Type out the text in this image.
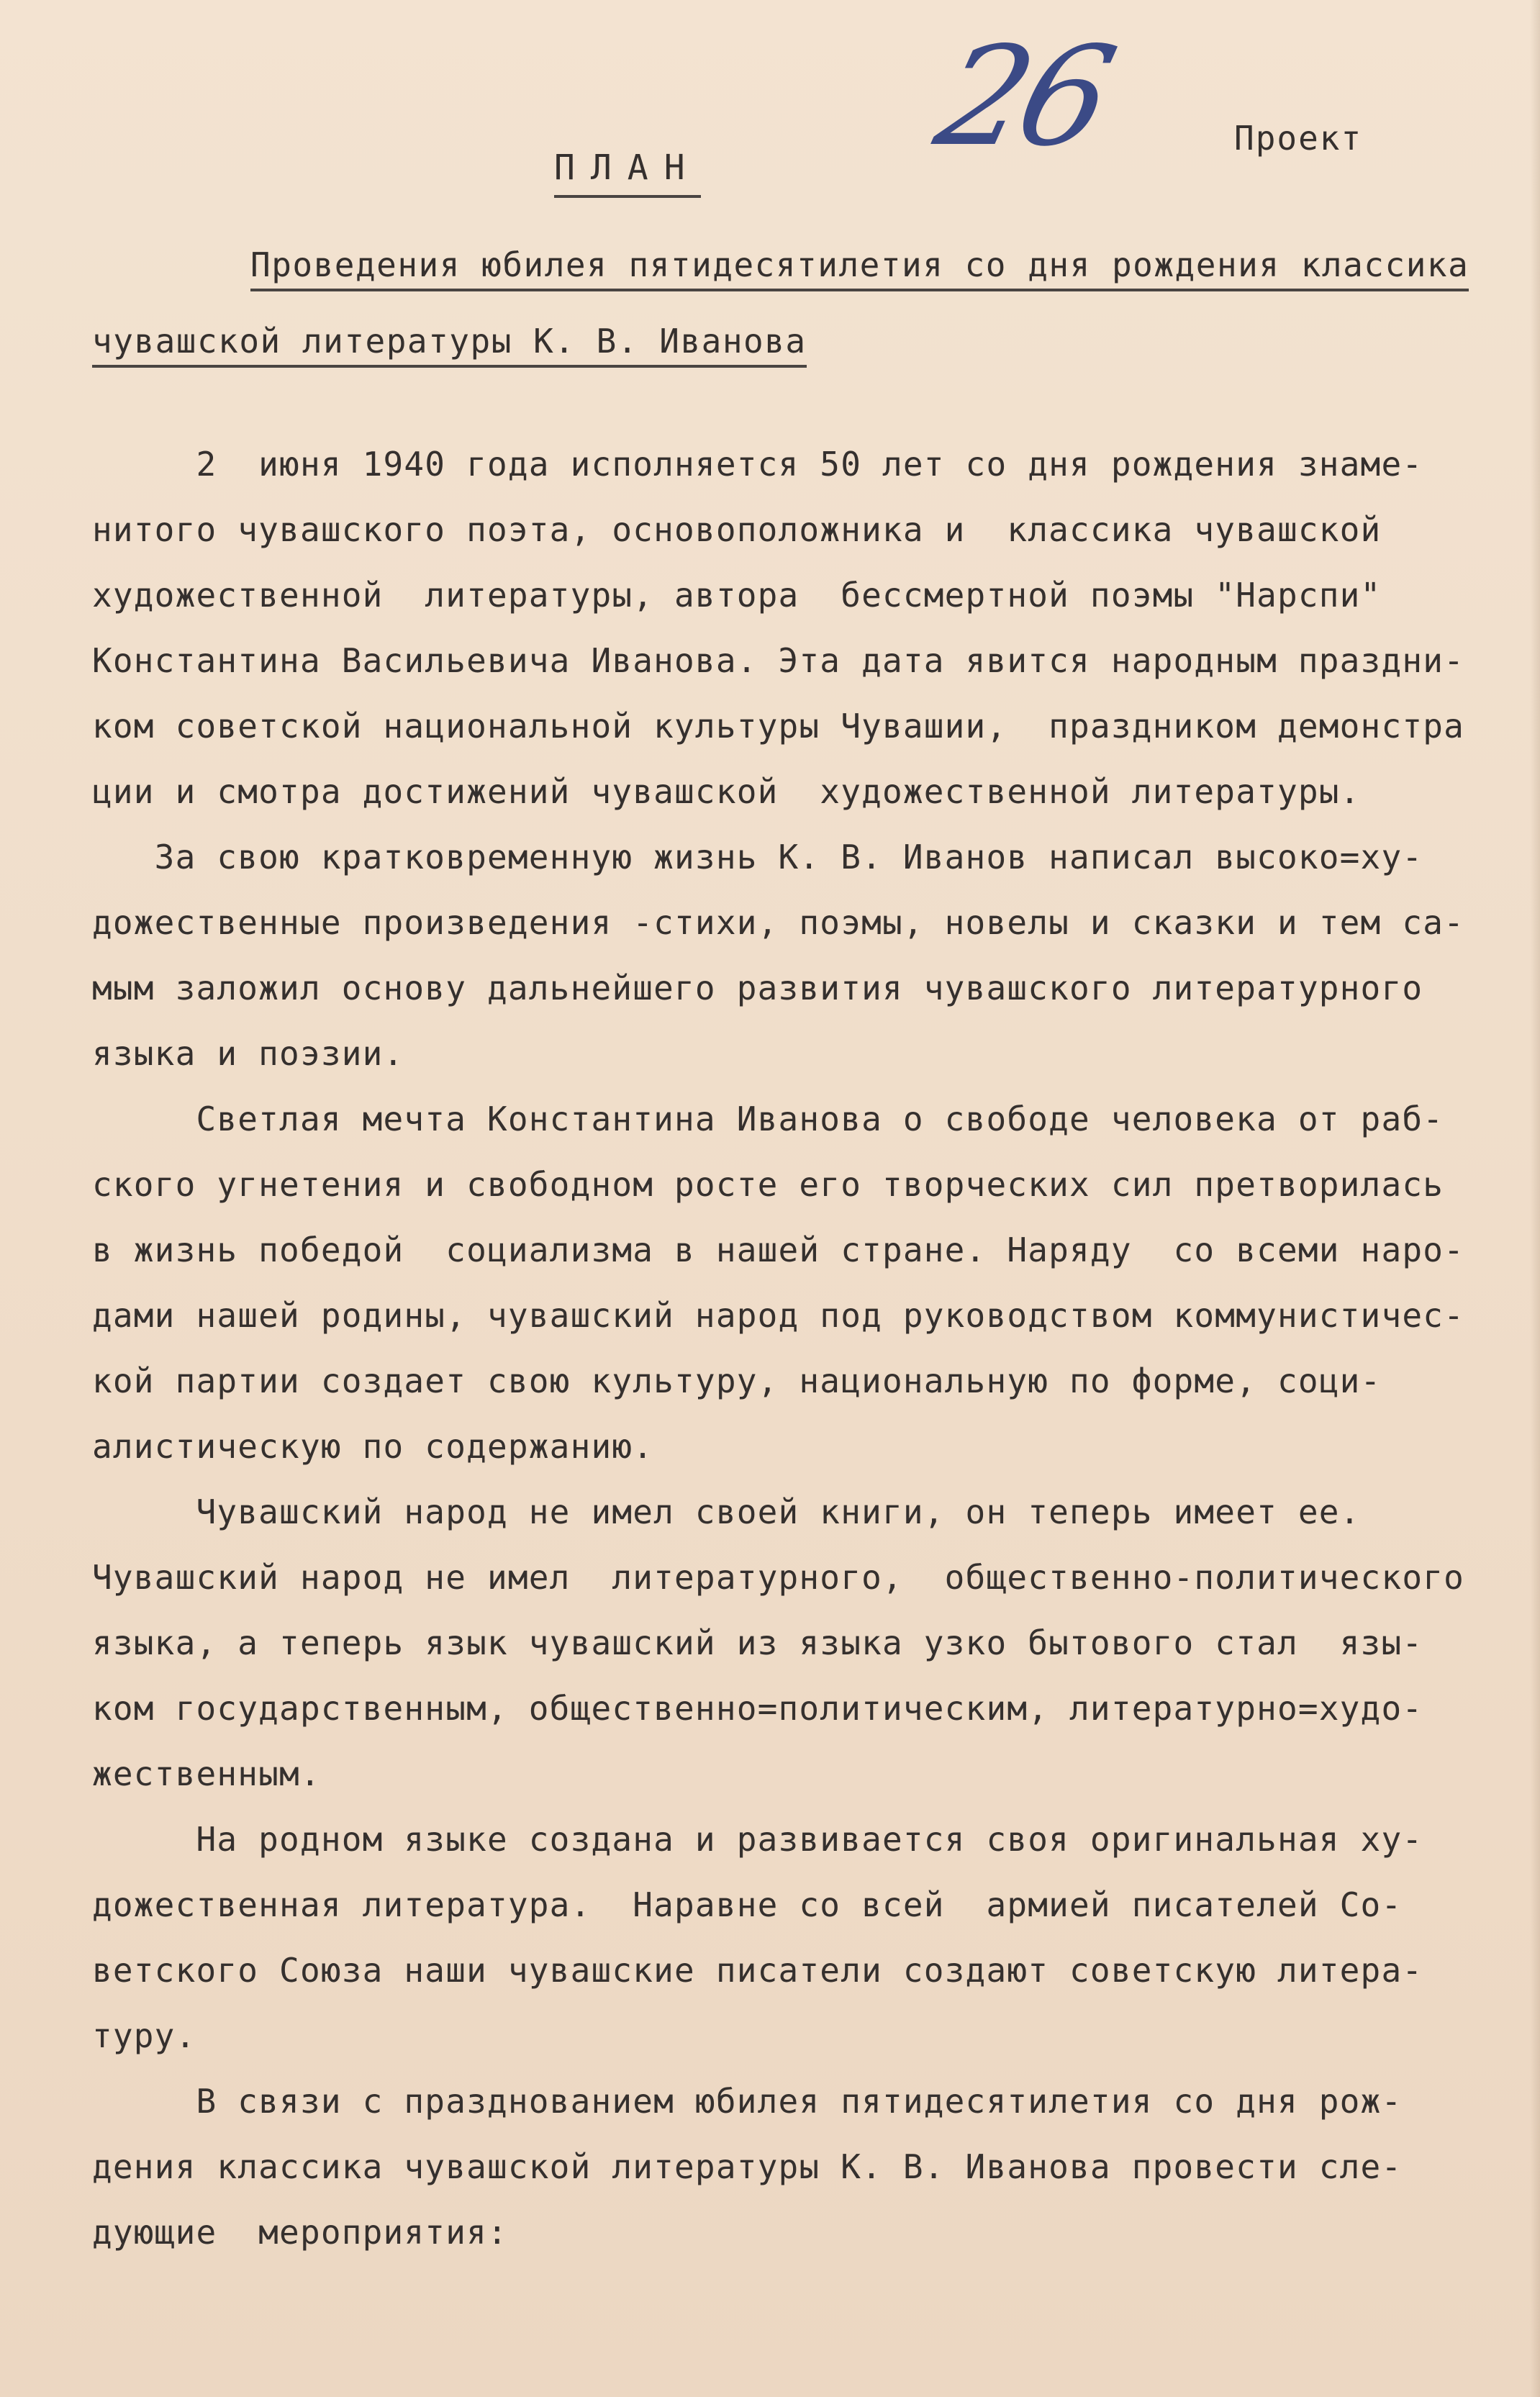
26	Проект
ПЛАН
Проведения юбилея пятидесятилетия со дня рождения классика
чувашской литературы К. В. Иванова
2  июня 1940 года исполняется 50 лет со дня рождения знаме-
нитого чувашского поэта, основоположника и  классика чувашской
художественной  литературы, автора  бессмертной поэмы "Нарспи"
Константина Васильевича Иванова. Эта дата явится народным праздни-
ком советской национальной культуры Чувашии,  праздником демонстра
ции и смотра достижений чувашской  художественной литературы.
За свою кратковременную жизнь К. В. Иванов написал высоко=ху-
дожественные произведения -стихи, поэмы, новелы и сказки и тем са-
мым заложил основу дальнейшего развития чувашского литературного
языка и поэзии.
Светлая мечта Константина Иванова о свободе человека от раб-
ского угнетения и свободном росте его творческих сил претворилась
в жизнь победой  социализма в нашей стране. Наряду  со всеми наро-
дами нашей родины, чувашский народ под руководством коммунистичес-
кой партии создает свою культуру, национальную по форме, соци-
алистическую по содержанию.
Чувашский народ не имел своей книги, он теперь имеет ее.
Чувашский народ не имел  литературного,  общественно-политического
языка, а теперь язык чувашский из языка узко бытового стал  язы-
ком государственным, общественно=политическим, литературно=худо-
жественным.
На родном языке создана и развивается своя оригинальная ху-
дожественная литература.  Наравне со всей  армией писателей Со-
ветского Союза наши чувашские писатели создают советскую литера-
туру.
В связи с празднованием юбилея пятидесятилетия со дня рож-
дения классика чувашской литературы К. В. Иванова провести сле-
дующие  мероприятия:
